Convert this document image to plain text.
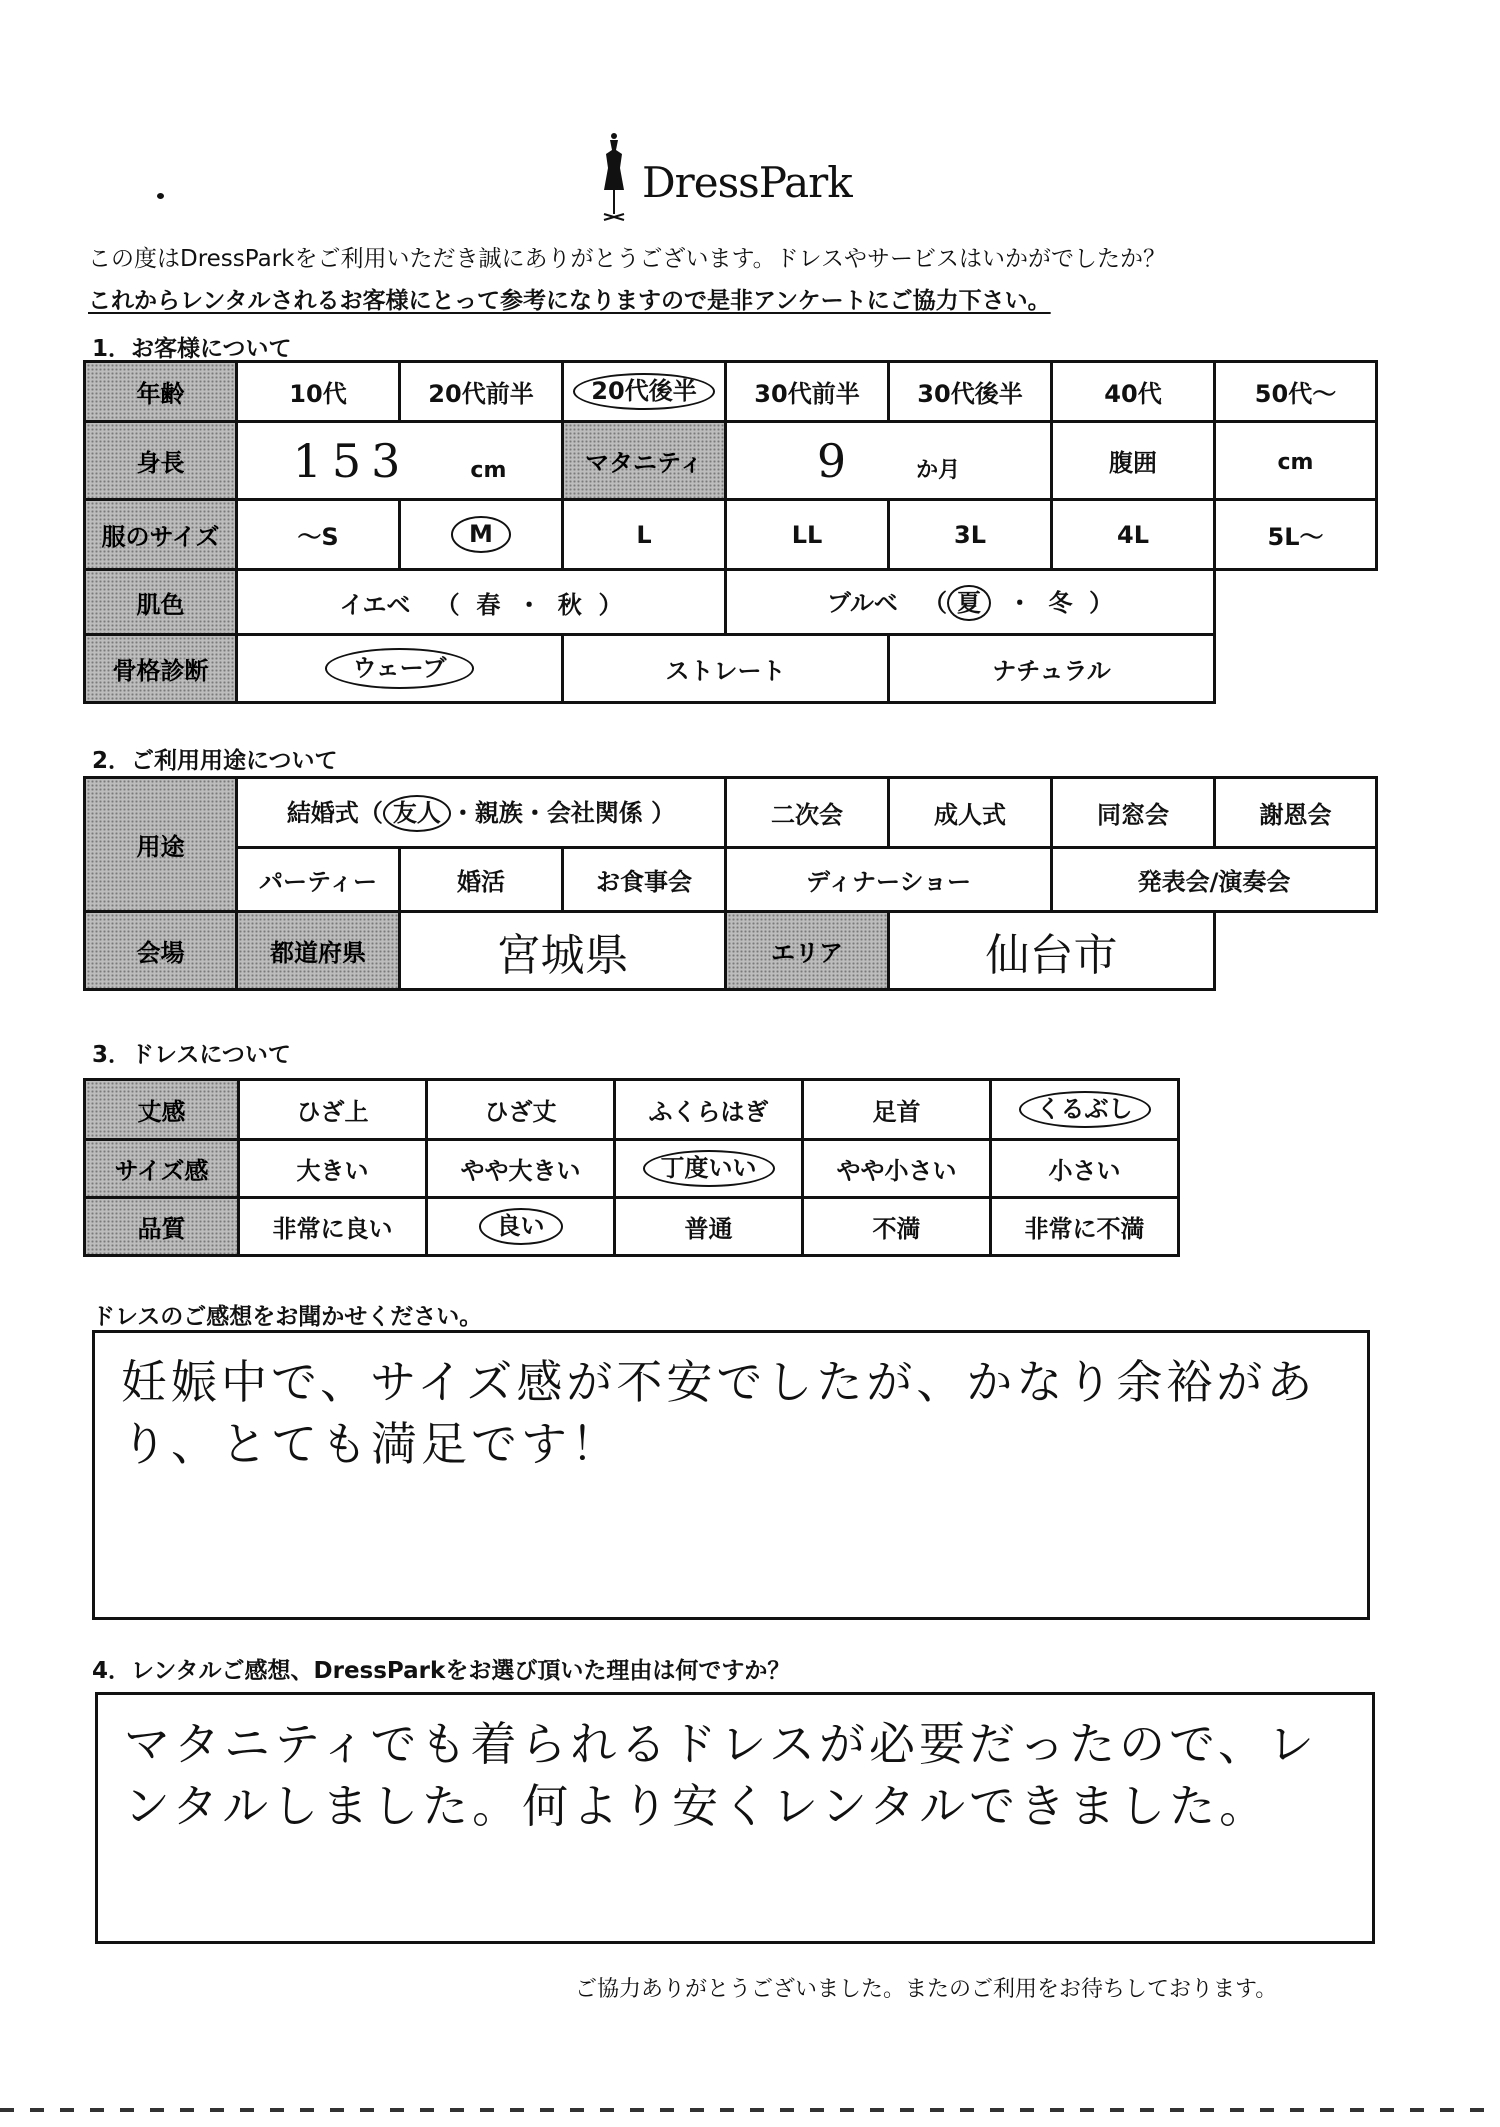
DressPark
この度はDressParkをご利用いただき誠にありがとうございます。ドレスやサービスはいかがでしたか？
これからレンタルされるお客様にとって参考になりますので是非アンケートにご協力下さい。
1．お客様について
年齢	10代	20代前半	20代後半	30代前半	30代後半	40代	50代～
身長	153 cm		マタニティ	9 か月		腹囲	cm
服のサイズ	～S	M	L	LL	3L	4L	5L～
肌色	イエベ （ 春 ・ 秋 ）			ブルベ （ 夏 ・ 冬 ）			
骨格診断	ウェーブ		ストレート		ナチュラル		
2．ご利用用途について
用途	結婚式（ 友人 ・親族・会社関係 ）			二次会	成人式	同窓会	謝恩会
	パーティー	婚活	お食事会	ディナーショー		発表会/演奏会	
会場	都道府県	宮城県		エリア	仙台市		
3．ドレスについて
丈感	ひざ上	ひざ丈	ふくらはぎ	足首	くるぶし
サイズ感	大きい	やや大きい	丁度いい	やや小さい	小さい
品質	非常に良い	良い	普通	不満	非常に不満
ドレスのご感想をお聞かせください。
妊娠中で、サイズ感が不安でしたが、かなり余裕があり、とても満足です！
4．レンタルご感想、DressParkをお選び頂いた理由は何ですか？
マタニティでも着られるドレスが必要だったので、レンタルしました。何より安くレンタルできました。
ご協力ありがとうございました。またのご利用をお待ちしております。
